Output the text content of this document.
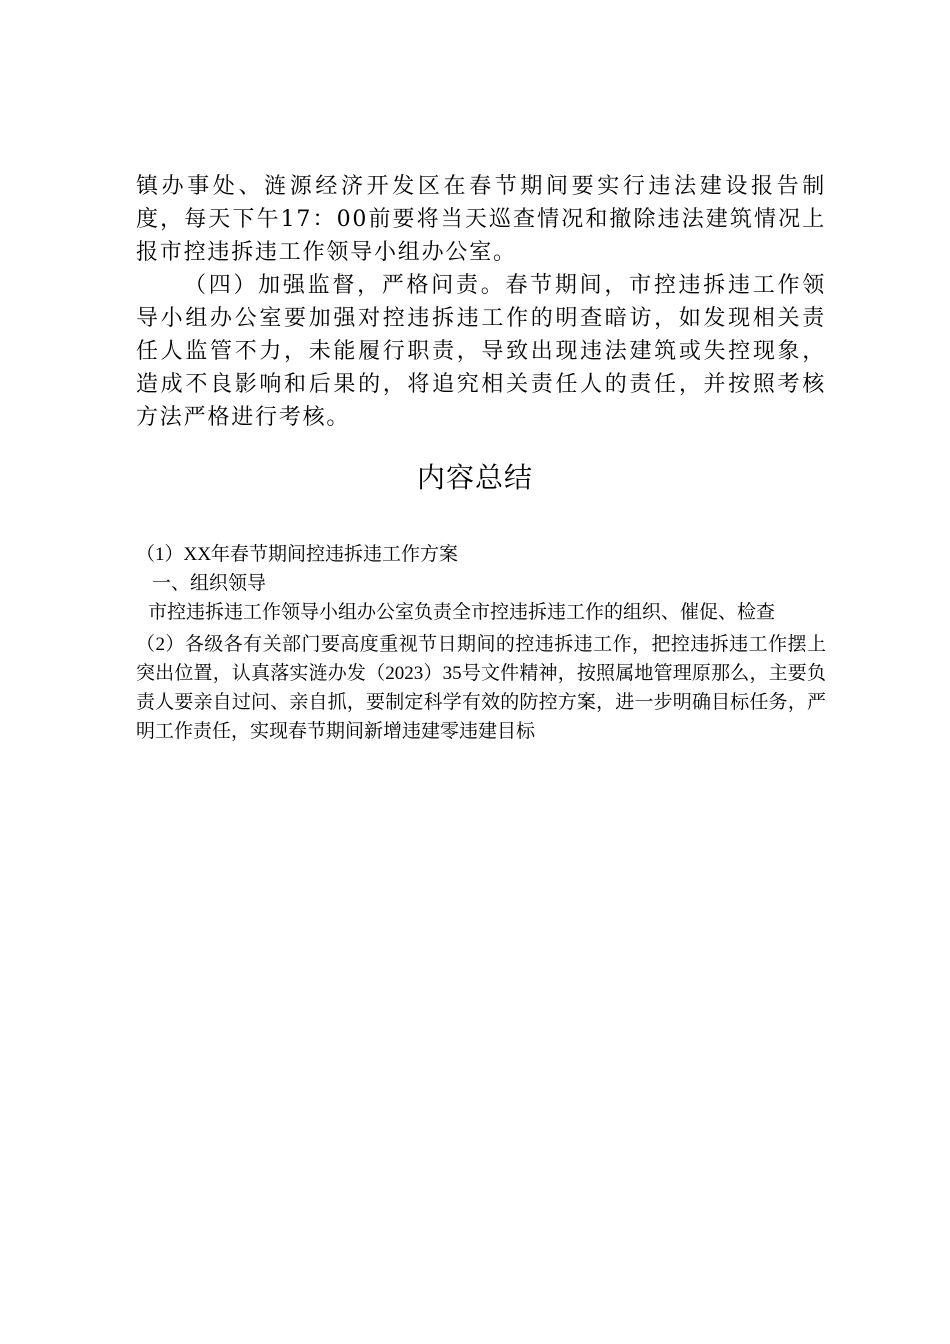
镇办事处、涟源经济开发区在春节期间要实行违法建设报告制度，每天下午17：00前要将当天巡查情况和撤除违法建筑情况上报市控违拆违工作领导小组办公室。

（四）加强监督，严格问责。春节期间，市控违拆违工作领导小组办公室要加强对控违拆违工作的明查暗访，如发现相关责任人监管不力，未能履行职责，导致出现违法建筑或失控现象，造成不良影响和后果的，将追究相关责任人的责任，并按照考核方法严格进行考核。

内容总结

（1）XX年春节期间控违拆违工作方案

一、组织领导

市控违拆违工作领导小组办公室负责全市控违拆违工作的组织、催促、检查

（2）各级各有关部门要高度重视节日期间的控违拆违工作，把控违拆违工作摆上突出位置，认真落实涟办发（2023）35号文件精神，按照属地管理原那么，主要负责人要亲自过问、亲自抓，要制定科学有效的防控方案，进一步明确目标任务，严明工作责任，实现春节期间新增违建零违建目标
